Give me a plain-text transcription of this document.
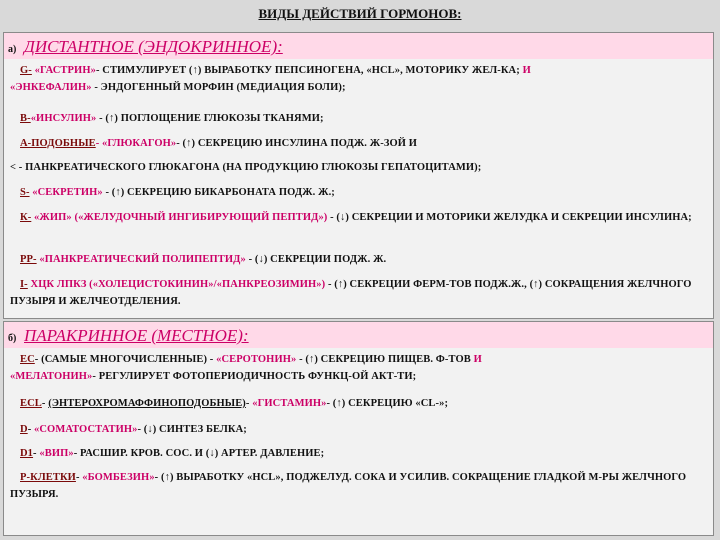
ВИДЫ ДЕЙСТВИЙ ГОРМОНОВ:
а) ДИСТАНТНОЕ (ЭНДОКРИННОЕ):
G- «ГАСТРИН»- СТИМУЛИРУЕТ (↑) ВЫРАБОТКУ ПЕПСИНОГЕНА, «HCL», МОТОРИКУ ЖЕЛ-КА; И
«ЭНКЕФАЛИН» - ЭНДОГЕННЫЙ МОРФИН (МЕДИАЦИЯ БОЛИ);
В-«ИНСУЛИН» - (↑) ПОГЛОЩЕНИЕ ГЛЮКОЗЫ ТКАНЯМИ;
А-ПОДОБНЫЕ- «ГЛЮКАГОН»- (↑) СЕКРЕЦИЮ ИНСУЛИНА ПОДЖ. Ж-ЗОЙ И
< - ПАНКРЕАТИЧЕСКОГО ГЛЮКАГОНА (НА ПРОДУКЦИЮ ГЛЮКОЗЫ ГЕПАТОЦИТАМИ);
S- «СЕКРЕТИН» - (↑) СЕКРЕЦИЮ БИКАРБОНАТА ПОДЖ. Ж.;
К- «ЖИП» («ЖЕЛУДОЧНЫЙ ИНГИБИРУЮЩИЙ ПЕПТИД») - (↓) СЕКРЕЦИИ И МОТОРИКИ ЖЕЛУДКА И СЕКРЕЦИИ ИНСУЛИНА;
РР- «ПАНКРЕАТИЧЕСКИЙ ПОЛИПЕПТИД» - (↓) СЕКРЕЦИИ ПОДЖ. Ж.
I- ХЦК ЛПКЗ («ХОЛЕЦИСТОКИНИН»/«ПАНКРЕОЗИМИН») - (↑) СЕКРЕЦИИ ФЕРМ-ТОВ ПОДЖ.Ж., (↑) СОКРАЩЕНИЯ ЖЕЛЧНОГО ПУЗЫРЯ И ЖЕЛЧЕОТДЕЛЕНИЯ.
б) ПАРАКРИННОЕ (МЕСТНОЕ):
ЕС- (САМЫЕ МНОГОЧИСЛЕННЫЕ) - «СЕРОТОНИН» - (↑) СЕКРЕЦИЮ ПИЩЕВ. Ф-ТОВ И
«МЕЛАТОНИН»- РЕГУЛИРУЕТ ФОТОПЕРИОДИЧНОСТЬ ФУНКЦ-ОЙ АКТ-ТИ;
ECL- (ЭНТЕРОХРОМАФФИНОПОДОБНЫЕ)- «ГИСТАМИН»- (↑) СЕКРЕЦИЮ «CL-»;
D- «СОМАТОСТАТИН»- (↓) СИНТЕЗ БЕЛКА;
D1- «ВИП»- РАСШИР. КРОВ. СОС. И (↓) АРТЕР. ДАВЛЕНИЕ;
Р-КЛЕТКИ- «БОМБЕЗИН»- (↑) ВЫРАБОТКУ «HCL», ПОДЖЕЛУД. СОКА И УСИЛИВ. СОКРАЩЕНИЕ ГЛАДКОЙ М-РЫ ЖЕЛЧНОГО ПУЗЫРЯ.
